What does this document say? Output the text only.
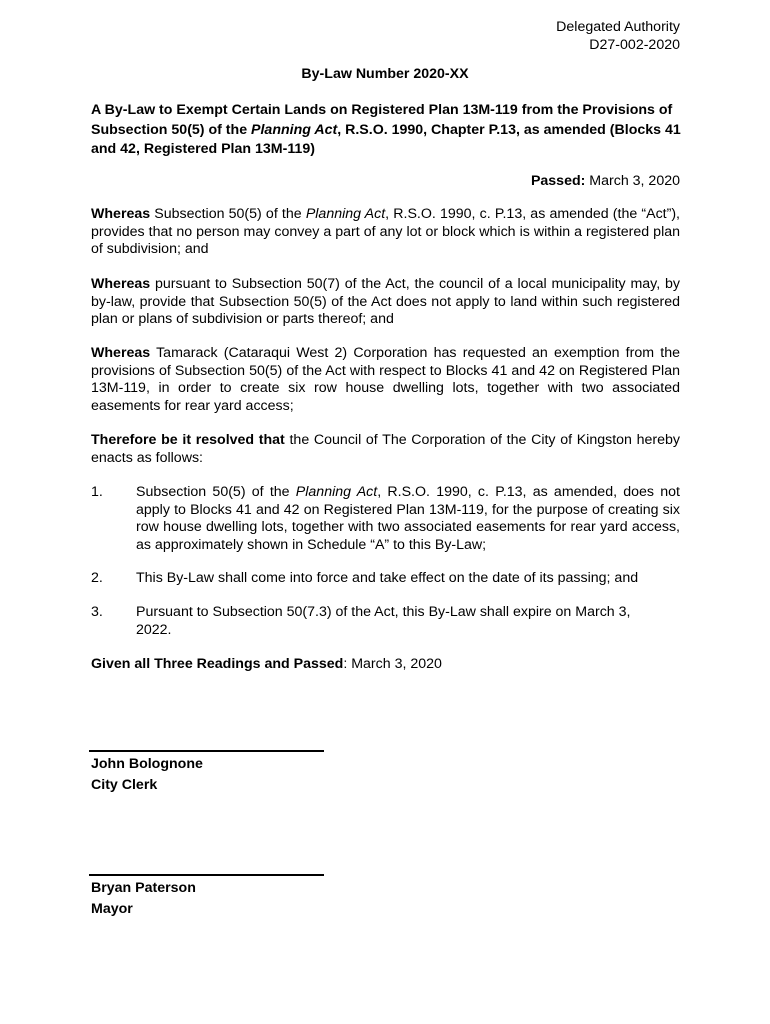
Delegated Authority
D27-002-2020
By-Law Number 2020-XX
A By-Law to Exempt Certain Lands on Registered Plan 13M-119 from the Provisions of Subsection 50(5) of the Planning Act, R.S.O. 1990, Chapter P.13, as amended (Blocks 41 and 42, Registered Plan 13M-119)
Passed: March 3, 2020
Whereas Subsection 50(5) of the Planning Act, R.S.O. 1990, c. P.13, as amended (the “Act”), provides that no person may convey a part of any lot or block which is within a registered plan of subdivision; and
Whereas pursuant to Subsection 50(7) of the Act, the council of a local municipality may, by by-law, provide that Subsection 50(5) of the Act does not apply to land within such registered plan or plans of subdivision or parts thereof; and
Whereas Tamarack (Cataraqui West 2) Corporation has requested an exemption from the provisions of Subsection 50(5) of the Act with respect to Blocks 41 and 42 on Registered Plan 13M-119, in order to create six row house dwelling lots, together with two associated easements for rear yard access;
Therefore be it resolved that the Council of The Corporation of the City of Kingston hereby enacts as follows:
1. Subsection 50(5) of the Planning Act, R.S.O. 1990, c. P.13, as amended, does not apply to Blocks 41 and 42 on Registered Plan 13M-119, for the purpose of creating six row house dwelling lots, together with two associated easements for rear yard access, as approximately shown in Schedule “A” to this By-Law;
2. This By-Law shall come into force and take effect on the date of its passing; and
3. Pursuant to Subsection 50(7.3) of the Act, this By-Law shall expire on March 3, 2022.
Given all Three Readings and Passed: March 3, 2020
John Bolognone
City Clerk
Bryan Paterson
Mayor
